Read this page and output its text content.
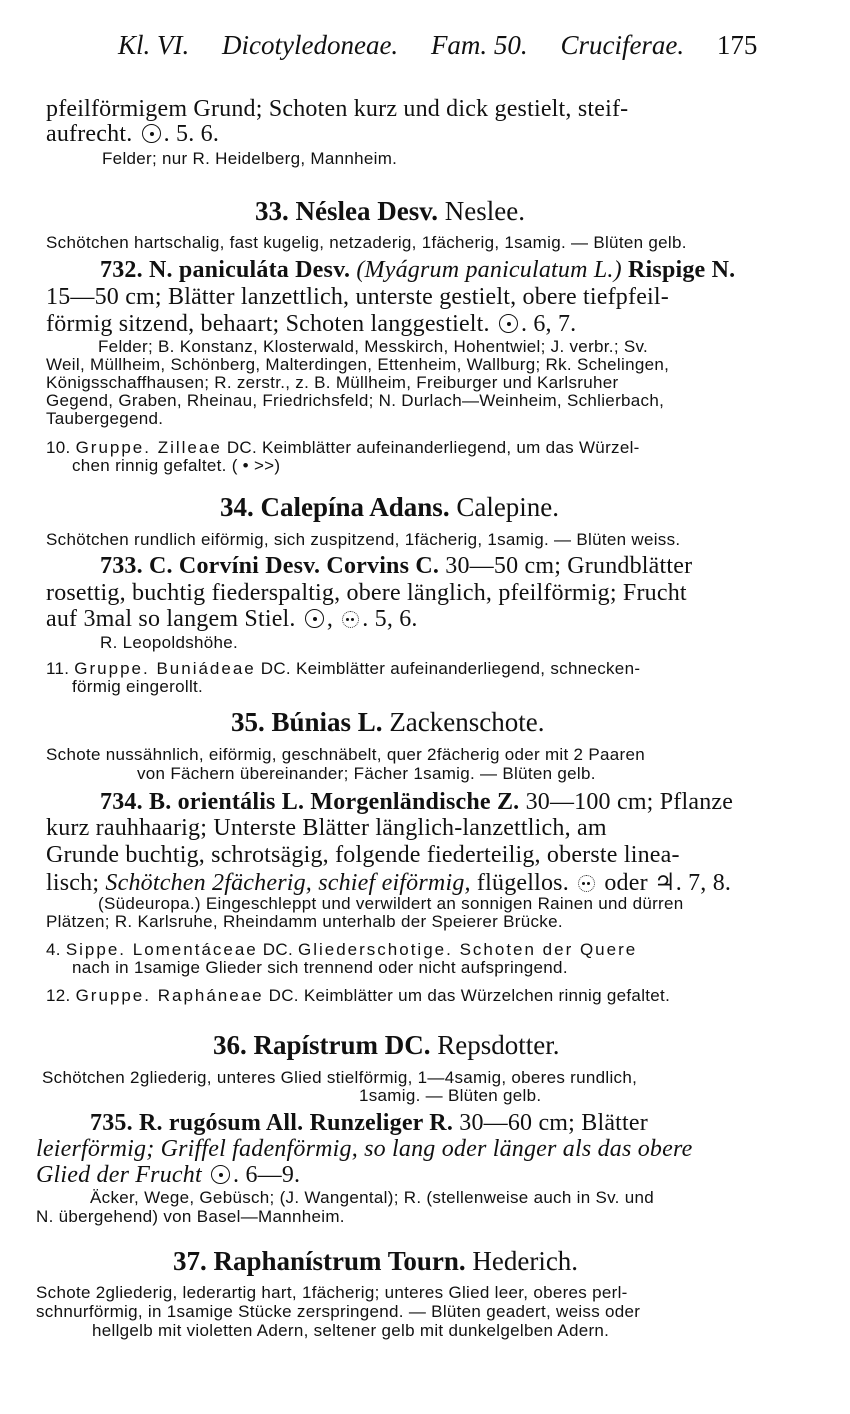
Kl. VI. Dicotyledoneae. Fam. 50. Cruciferae. 175
pfeilförmigem Grund; Schoten kurz und dick gestielt, steif-
aufrecht. . 5. 6.
Felder; nur R. Heidelberg, Mannheim.
33. Néslea Desv. Neslee.
Schötchen hartschalig, fast kugelig, netzaderig, 1fächerig, 1samig. — Blüten gelb.
732. N. paniculáta Desv. (Myágrum paniculatum L.) Rispige N.
15—50 cm; Blätter lanzettlich, unterste gestielt, obere tiefpfeil-
förmig sitzend, behaart; Schoten langgestielt. . 6, 7.
Felder; B. Konstanz, Klosterwald, Messkirch, Hohentwiel; J. verbr.; Sv.
Weil, Müllheim, Schönberg, Malterdingen, Ettenheim, Wallburg; Rk. Schelingen,
Königsschaffhausen; R. zerstr., z. B. Müllheim, Freiburger und Karlsruher
Gegend, Graben, Rheinau, Friedrichsfeld; N. Durlach—Weinheim, Schlierbach,
Taubergegend.
10. Gruppe. Zilleae DC. Keimblätter aufeinanderliegend, um das Würzel-
chen rinnig gefaltet. ( • >>)
34. Calepína Adans. Calepine.
Schötchen rundlich eiförmig, sich zuspitzend, 1fächerig, 1samig. — Blüten weiss.
733. C. Corvíni Desv. Corvins C. 30—50 cm; Grundblätter
rosettig, buchtig fiederspaltig, obere länglich, pfeilförmig; Frucht
auf 3mal so langem Stiel. , . 5, 6.
R. Leopoldshöhe.
11. Gruppe. Buniádeae DC. Keimblätter aufeinanderliegend, schnecken-
förmig eingerollt.
35. Búnias L. Zackenschote.
Schote nussähnlich, eiförmig, geschnäbelt, quer 2fächerig oder mit 2 Paaren
von Fächern übereinander; Fächer 1samig. — Blüten gelb.
734. B. orientális L. Morgenländische Z. 30—100 cm; Pflanze
kurz rauhhaarig; Unterste Blätter länglich-lanzettlich, am
Grunde buchtig, schrotsägig, folgende fiederteilig, oberste linea-
lisch; Schötchen 2fächerig, schief eiförmig, flügellos.  oder ♃. 7, 8.
(Südeuropa.) Eingeschleppt und verwildert an sonnigen Rainen und dürren
Plätzen; R. Karlsruhe, Rheindamm unterhalb der Speierer Brücke.
4. Sippe. Lomentáceae DC. Gliederschotige. Schoten der Quere
nach in 1samige Glieder sich trennend oder nicht aufspringend.
12. Gruppe. Rapháneae DC. Keimblätter um das Würzelchen rinnig gefaltet.
36. Rapístrum DC. Repsdotter.
Schötchen 2gliederig, unteres Glied stielförmig, 1—4samig, oberes rundlich,
1samig. — Blüten gelb.
735. R. rugósum All. Runzeliger R. 30—60 cm; Blätter
leierförmig; Griffel fadenförmig, so lang oder länger als das obere
Glied der Frucht . 6—9.
Äcker, Wege, Gebüsch; (J. Wangental); R. (stellenweise auch in Sv. und
N. übergehend) von Basel—Mannheim.
37. Raphanístrum Tourn. Hederich.
Schote 2gliederig, lederartig hart, 1fächerig; unteres Glied leer, oberes perl-
schnurförmig, in 1samige Stücke zerspringend. — Blüten geadert, weiss oder
hellgelb mit violetten Adern, seltener gelb mit dunkelgelben Adern.
